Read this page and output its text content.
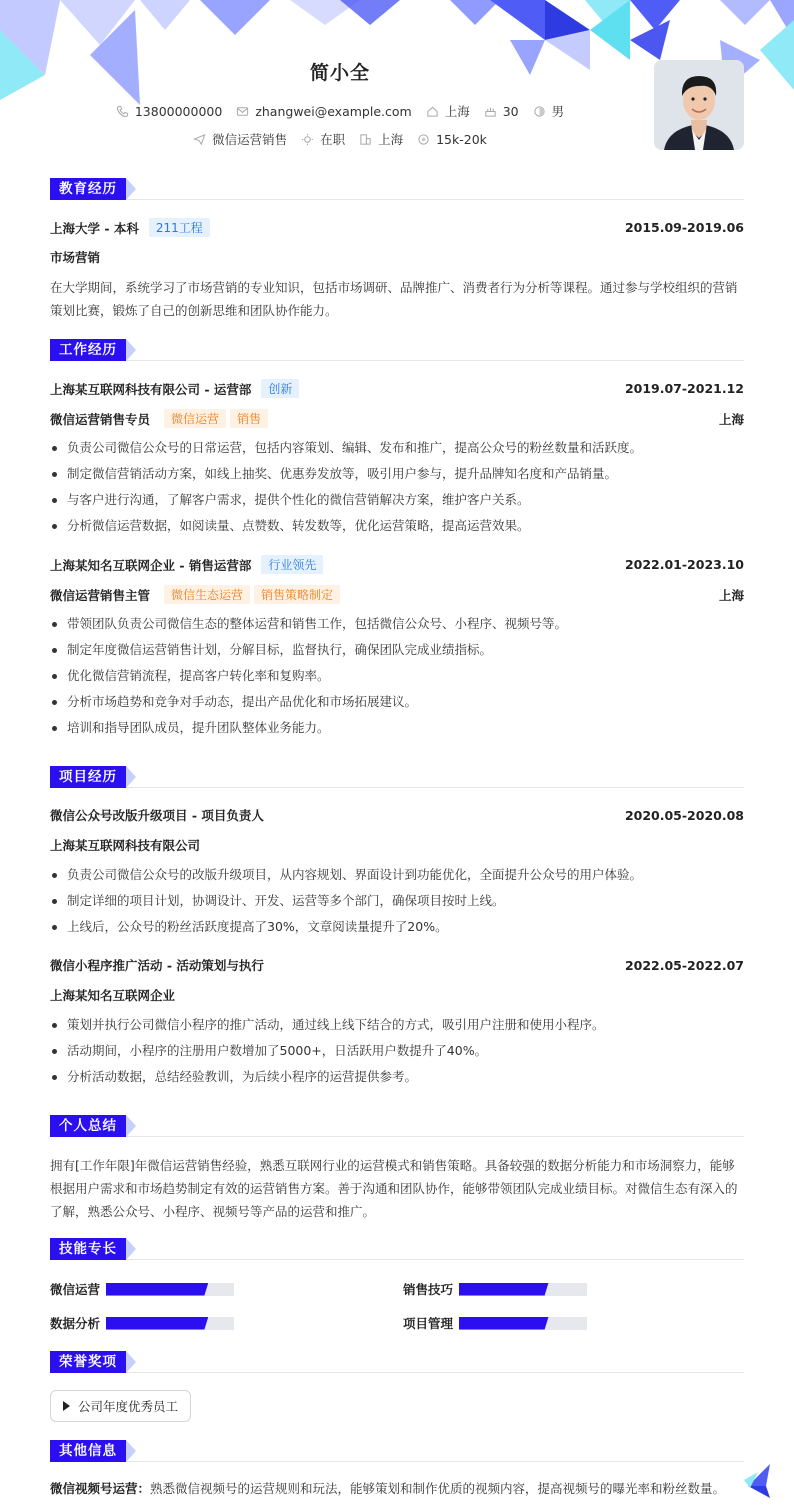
简小全
13800000000	zhangwei@example.com	上海	30	男
微信运营销售	在职	上海	15k-20k
教育经历
上海大学 - 本科	211工程	2015.09-2019.06
市场营销
在大学期间，系统学习了市场营销的专业知识，包括市场调研、品牌推广、消费者行为分析等课程。通过参与学校组织的营销策划比赛，锻炼了自己的创新思维和团队协作能力。
工作经历
上海某互联网科技有限公司 - 运营部	创新	2019.07-2021.12
微信运营销售专员	微信运营 销售	上海
负责公司微信公众号的日常运营，包括内容策划、编辑、发布和推广，提高公众号的粉丝数量和活跃度。
制定微信营销活动方案，如线上抽奖、优惠券发放等，吸引用户参与，提升品牌知名度和产品销量。
与客户进行沟通，了解客户需求，提供个性化的微信营销解决方案，维护客户关系。
分析微信运营数据，如阅读量、点赞数、转发数等，优化运营策略，提高运营效果。
上海某知名互联网企业 - 销售运营部	行业领先	2022.01-2023.10
微信运营销售主管	微信生态运营 销售策略制定	上海
带领团队负责公司微信生态的整体运营和销售工作，包括微信公众号、小程序、视频号等。
制定年度微信运营销售计划，分解目标，监督执行，确保团队完成业绩指标。
优化微信营销流程，提高客户转化率和复购率。
分析市场趋势和竞争对手动态，提出产品优化和市场拓展建议。
培训和指导团队成员，提升团队整体业务能力。
项目经历
微信公众号改版升级项目 - 项目负责人	2020.05-2020.08
上海某互联网科技有限公司
负责公司微信公众号的改版升级项目，从内容规划、界面设计到功能优化，全面提升公众号的用户体验。
制定详细的项目计划，协调设计、开发、运营等多个部门，确保项目按时上线。
上线后，公众号的粉丝活跃度提高了30%，文章阅读量提升了20%。
微信小程序推广活动 - 活动策划与执行	2022.05-2022.07
上海某知名互联网企业
策划并执行公司微信小程序的推广活动，通过线上线下结合的方式，吸引用户注册和使用小程序。
活动期间，小程序的注册用户数增加了5000+，日活跃用户数提升了40%。
分析活动数据，总结经验教训，为后续小程序的运营提供参考。
个人总结
拥有[工作年限]年微信运营销售经验，熟悉互联网行业的运营模式和销售策略。具备较强的数据分析能力和市场洞察力，能够根据用户需求和市场趋势制定有效的运营销售方案。善于沟通和团队协作，能够带领团队完成业绩目标。对微信生态有深入的了解，熟悉公众号、小程序、视频号等产品的运营和推广。
技能专长
微信运营	销售技巧
数据分析	项目管理
荣誉奖项
公司年度优秀员工
其他信息
微信视频号运营：熟悉微信视频号的运营规则和玩法，能够策划和制作优质的视频内容，提高视频号的曝光率和粉丝数量。
